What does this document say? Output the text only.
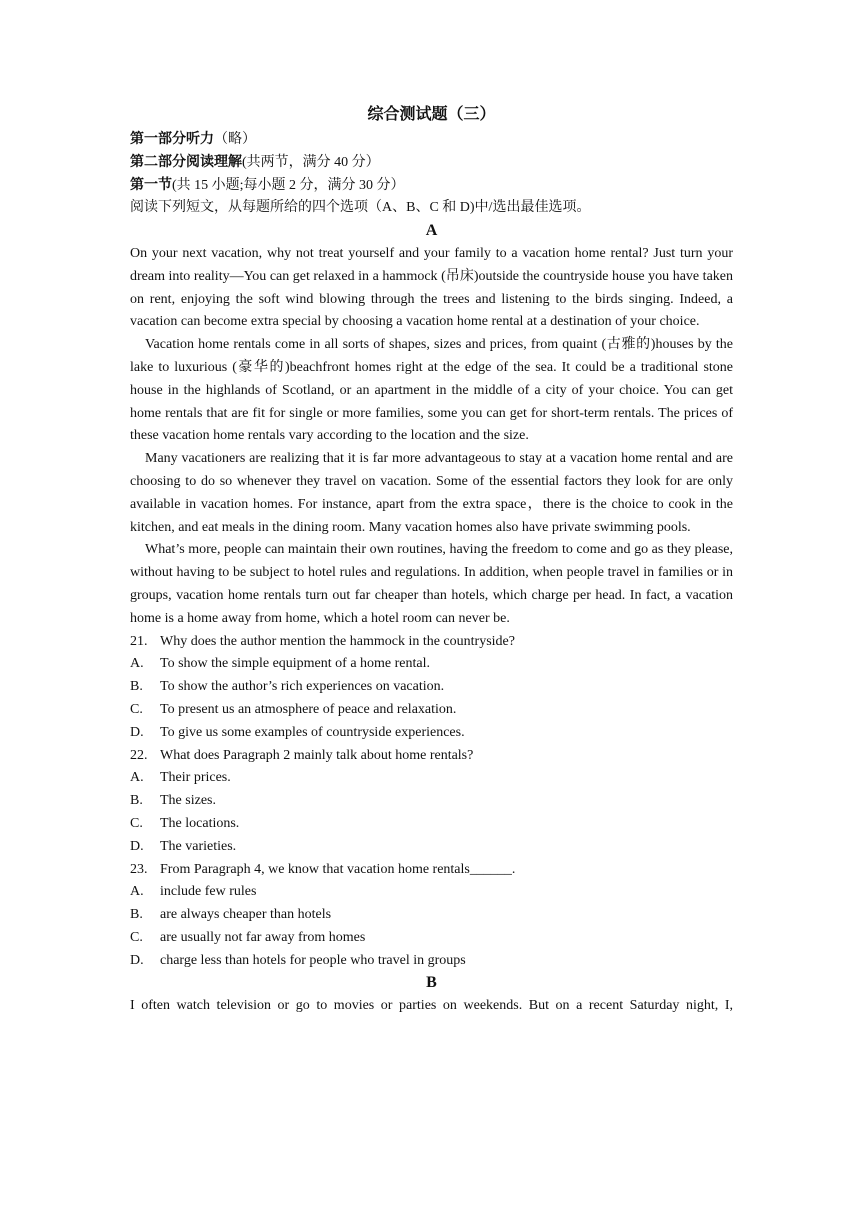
综合测试题（三）
第一部分听力（略）
第二部分阅读理解(共两节，满分 40 分）
第一节(共 15 小题;每小题 2 分，满分 30 分）
阅读下列短文，从每题所给的四个选项（A、B、C 和 D)中/选出最佳选项。
A

On your next vacation, why not treat yourself and your family to a vacation home rental? Just turn your dream into reality—You can get relaxed in a hammock (吊床)outside the countryside house you have taken on rent, enjoying the soft wind blowing through the trees and listening to the birds singing. Indeed, a vacation can become extra special by choosing a vacation home rental at a destination of your choice.

Vacation home rentals come in all sorts of shapes, sizes and prices, from quaint (古雅的)houses by the lake to luxurious (豪华的)beachfront homes right at the edge of the sea. It could be a traditional stone house in the highlands of Scotland, or an apartment in the middle of a city of your choice. You can get home rentals that are fit for single or more families, some you can get for short-term rentals. The prices of these vacation home rentals vary according to the location and the size.

Many vacationers are realizing that it is far more advantageous to stay at a vacation home rental and are choosing to do so whenever they travel on vacation. Some of the essential factors they look for are only available in vacation homes. For instance, apart from the extra space，there is the choice to cook in the kitchen, and eat meals in the dining room. Many vacation homes also have private swimming pools.

What’s more, people can maintain their own routines, having the freedom to come and go as they please, without having to be subject to hotel rules and regulations. In addition, when people travel in families or in groups, vacation home rentals turn out far cheaper than hotels, which charge per head. In fact, a vacation home is a home away from home, which a hotel room can never be.

21. Why does the author mention the hammock in the countryside?
A.	To show the simple equipment of a home rental.
B.	To show the author’s rich experiences on vacation.
C.	To present us an atmosphere of peace and relaxation.
D.	To give us some examples of countryside experiences.
22. What does Paragraph 2 mainly talk about home rentals?
A.	Their prices.
B.	The sizes.
C.	The locations.
D.	The varieties.
23. From Paragraph 4, we know that vacation home rentals______.
A.	include few rules
B.	are always cheaper than hotels
C.	are usually not far away from homes
D.	charge less than hotels for people who travel in groups
B

I often watch television or go to movies or parties on weekends. But on a recent Saturday night, I,
